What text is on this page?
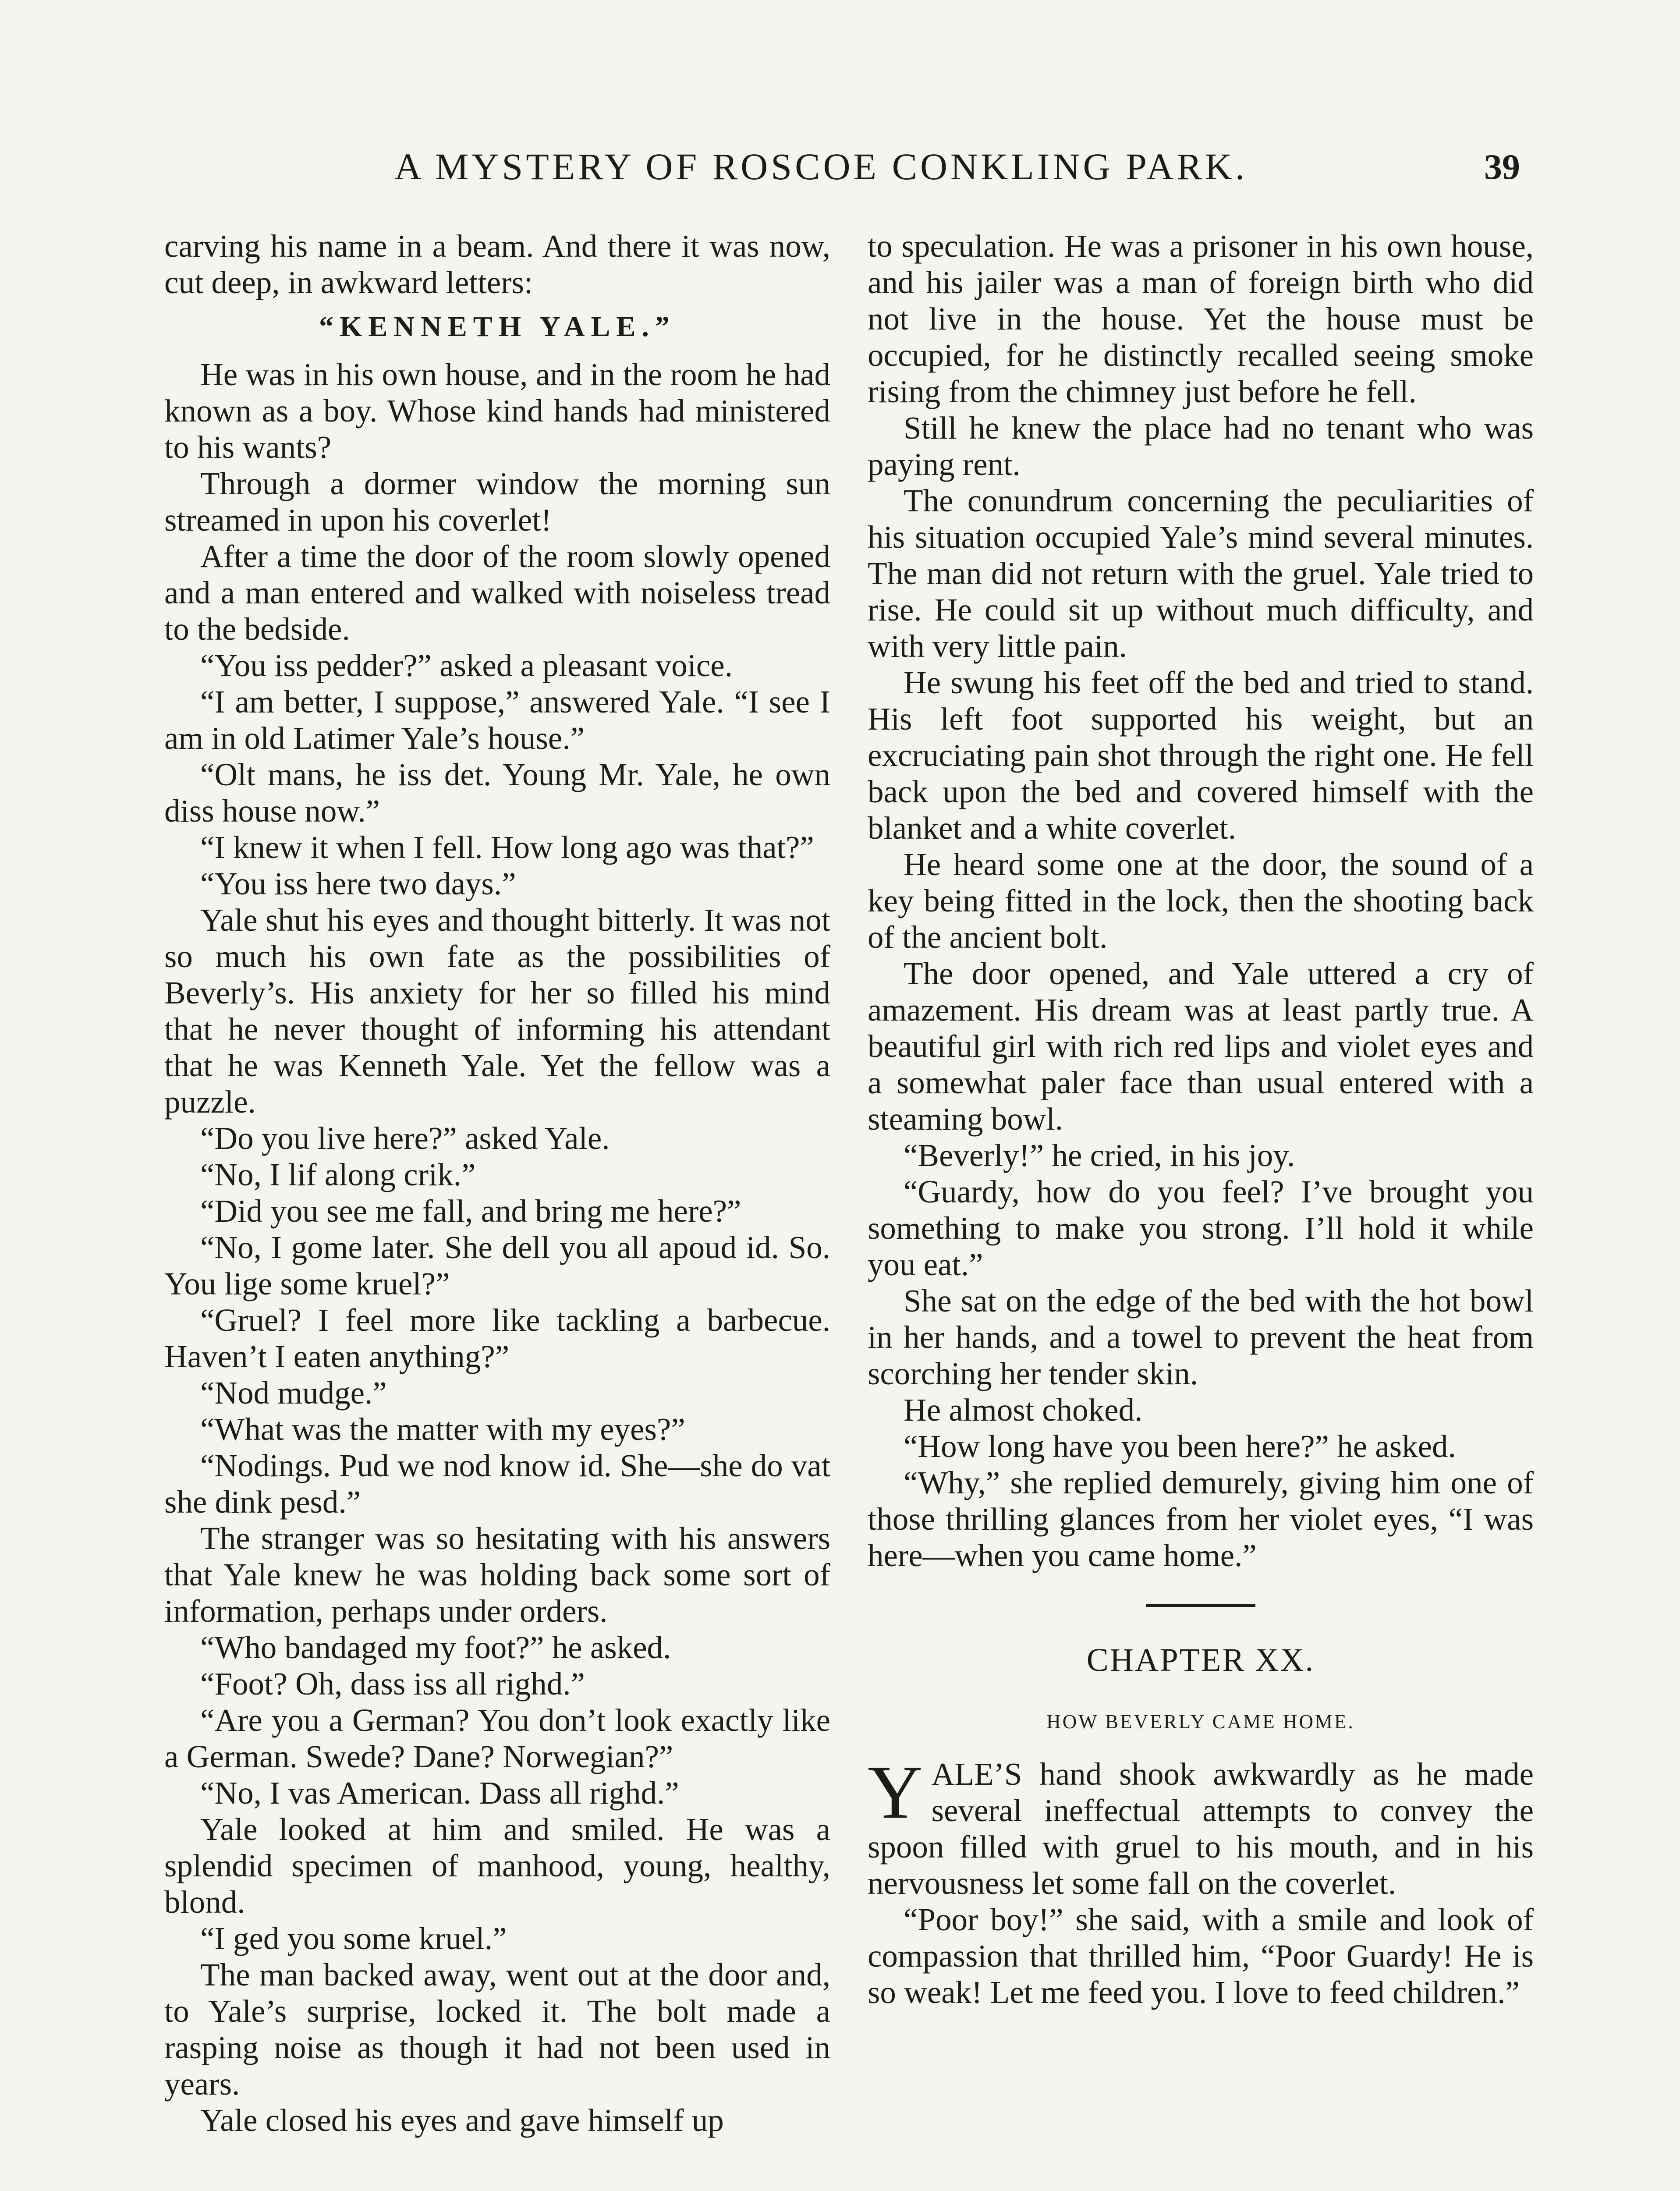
A MYSTERY OF ROSCOE CONKLING PARK.	39

carving his name in a beam. And there it was now, cut deep, in awkward letters:

“KENNETH YALE.”

He was in his own house, and in the room he had known as a boy. Whose kind hands had ministered to his wants?

Through a dormer window the morning sun streamed in upon his coverlet!

After a time the door of the room slowly opened and a man entered and walked with noiseless tread to the bedside.

“You iss pedder?” asked a pleasant voice.

“I am better, I suppose,” answered Yale. “I see I am in old Latimer Yale’s house.”

“Olt mans, he iss det. Young Mr. Yale, he own diss house now.”

“I knew it when I fell. How long ago was that?”

“You iss here two days.”

Yale shut his eyes and thought bitterly. It was not so much his own fate as the possibilities of Beverly’s. His anxiety for her so filled his mind that he never thought of informing his attendant that he was Kenneth Yale. Yet the fellow was a puzzle.

“Do you live here?” asked Yale.

“No, I lif along crik.”

“Did you see me fall, and bring me here?”

“No, I gome later. She dell you all apoud id. So. You lige some kruel?”

“Gruel? I feel more like tackling a barbecue. Haven’t I eaten anything?”

“Nod mudge.”

“What was the matter with my eyes?”

“Nodings. Pud we nod know id. She—she do vat she dink pesd.”

The stranger was so hesitating with his answers that Yale knew he was holding back some sort of information, perhaps under orders.

“Who bandaged my foot?” he asked.

“Foot? Oh, dass iss all righd.”

“Are you a German? You don’t look exactly like a German. Swede? Dane? Norwegian?”

“No, I vas American. Dass all righd.”

Yale looked at him and smiled. He was a splendid specimen of manhood, young, healthy, blond.

“I ged you some kruel.”

The man backed away, went out at the door and, to Yale’s surprise, locked it. The bolt made a rasping noise as though it had not been used in years.

Yale closed his eyes and gave himself up

to speculation. He was a prisoner in his own house, and his jailer was a man of foreign birth who did not live in the house. Yet the house must be occupied, for he distinctly recalled seeing smoke rising from the chimney just before he fell.

Still he knew the place had no tenant who was paying rent.

The conundrum concerning the peculiarities of his situation occupied Yale’s mind several minutes. The man did not return with the gruel. Yale tried to rise. He could sit up without much difficulty, and with very little pain.

He swung his feet off the bed and tried to stand. His left foot supported his weight, but an excruciating pain shot through the right one. He fell back upon the bed and covered himself with the blanket and a white coverlet.

He heard some one at the door, the sound of a key being fitted in the lock, then the shooting back of the ancient bolt.

The door opened, and Yale uttered a cry of amazement. His dream was at least partly true. A beautiful girl with rich red lips and violet eyes and a somewhat paler face than usual entered with a steaming bowl.

“Beverly!” he cried, in his joy.

“Guardy, how do you feel? I’ve brought you something to make you strong. I’ll hold it while you eat.”

She sat on the edge of the bed with the hot bowl in her hands, and a towel to prevent the heat from scorching her tender skin.

He almost choked.

“How long have you been here?” he asked.

“Why,” she replied demurely, giving him one of those thrilling glances from her violet eyes, “I was here—when you came home.”

CHAPTER XX.
HOW BEVERLY CAME HOME.

YALE’S hand shook awkwardly as he made several ineffectual attempts to convey the spoon filled with gruel to his mouth, and in his nervousness let some fall on the coverlet.

“Poor boy!” she said, with a smile and look of compassion that thrilled him, “Poor Guardy! He is so weak! Let me feed you. I love to feed children.”
